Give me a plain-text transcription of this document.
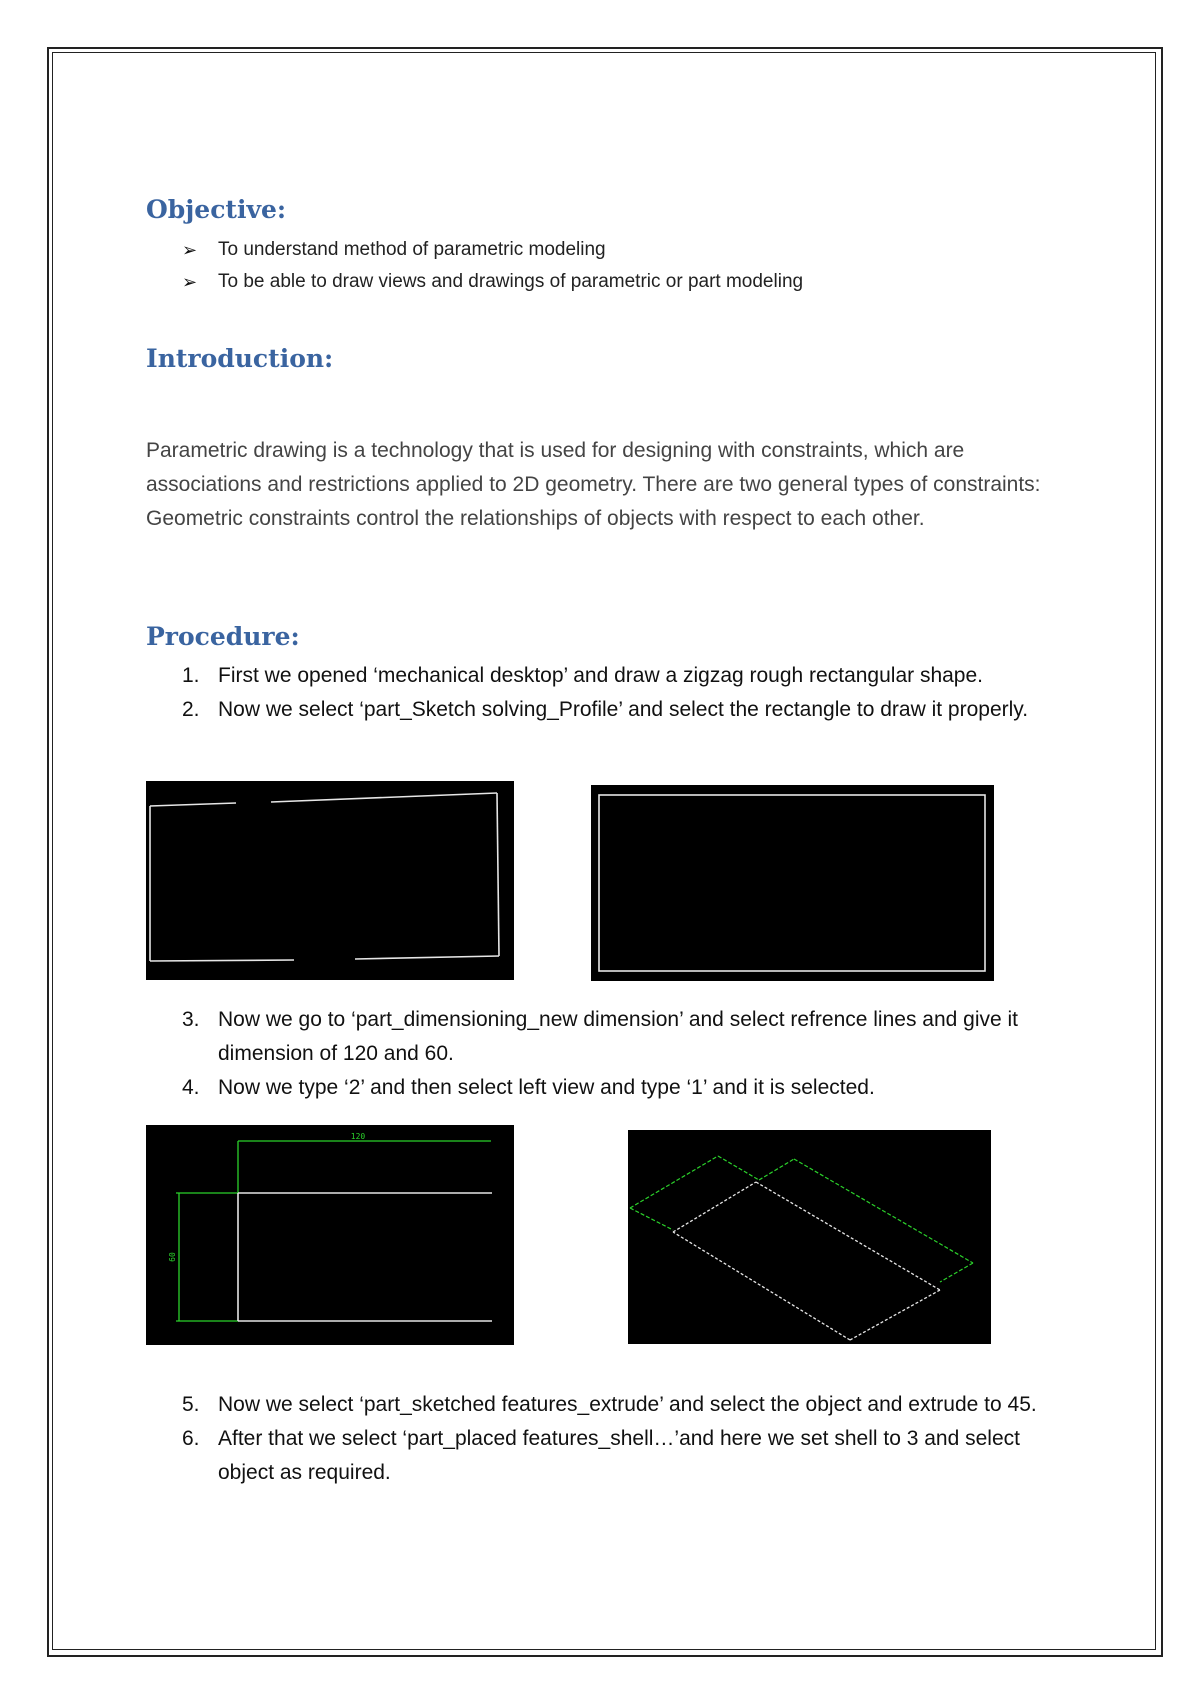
Objective:
➢	To understand method of parametric modeling
➢	To be able to draw views and drawings of parametric or part modeling
Introduction:

Parametric drawing is a technology that is used for designing with constraints, which are associations and restrictions applied to 2D geometry. There are two general types of constraints: Geometric constraints control the relationships of objects with respect to each other.

Procedure:
1. First we opened ‘mechanical desktop’ and draw a zigzag rough rectangular shape.
2. Now we select ‘part_Sketch solving_Profile’ and select the rectangle to draw it properly.
3. Now we go to ‘part_dimensioning_new dimension’ and select refrence lines and give it dimension of 120 and 60.
4. Now we type ‘2’ and then select left view and type ‘1’ and it is selected.
120
60
5. Now we select ‘part_sketched features_extrude’ and select the object and extrude to 45.
6. After that we select ‘part_placed features_shell…’and here we set shell to 3 and select object as required.
